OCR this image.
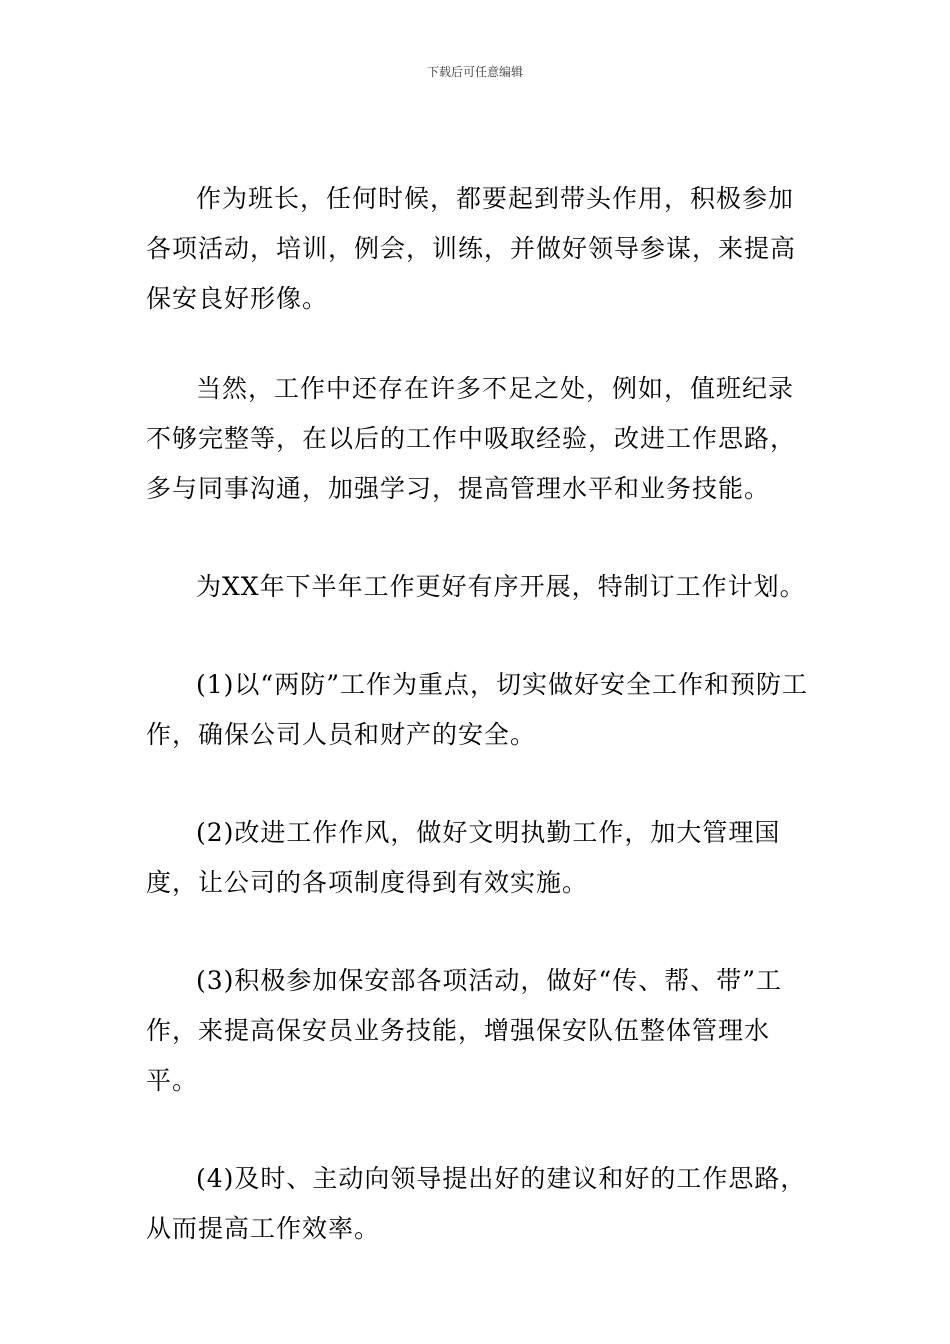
下载后可任意编辑

作为班长，任何时候，都要起到带头作用，积极参加各项活动，培训，例会，训练，并做好领导参谋，来提高保安良好形像。

当然，工作中还存在许多不足之处，例如，值班纪录不够完整等，在以后的工作中吸取经验，改进工作思路，多与同事沟通，加强学习，提高管理水平和业务技能。

为XX年下半年工作更好有序开展，特制订工作计划。

(1)以“两防”工作为重点，切实做好安全工作和预防工作，确保公司人员和财产的安全。

(2)改进工作作风，做好文明执勤工作，加大管理国度，让公司的各项制度得到有效实施。

(3)积极参加保安部各项活动，做好“传、帮、带”工作，来提高保安员业务技能，增强保安队伍整体管理水平。

(4)及时、主动向领导提出好的建议和好的工作思路，从而提高工作效率。
